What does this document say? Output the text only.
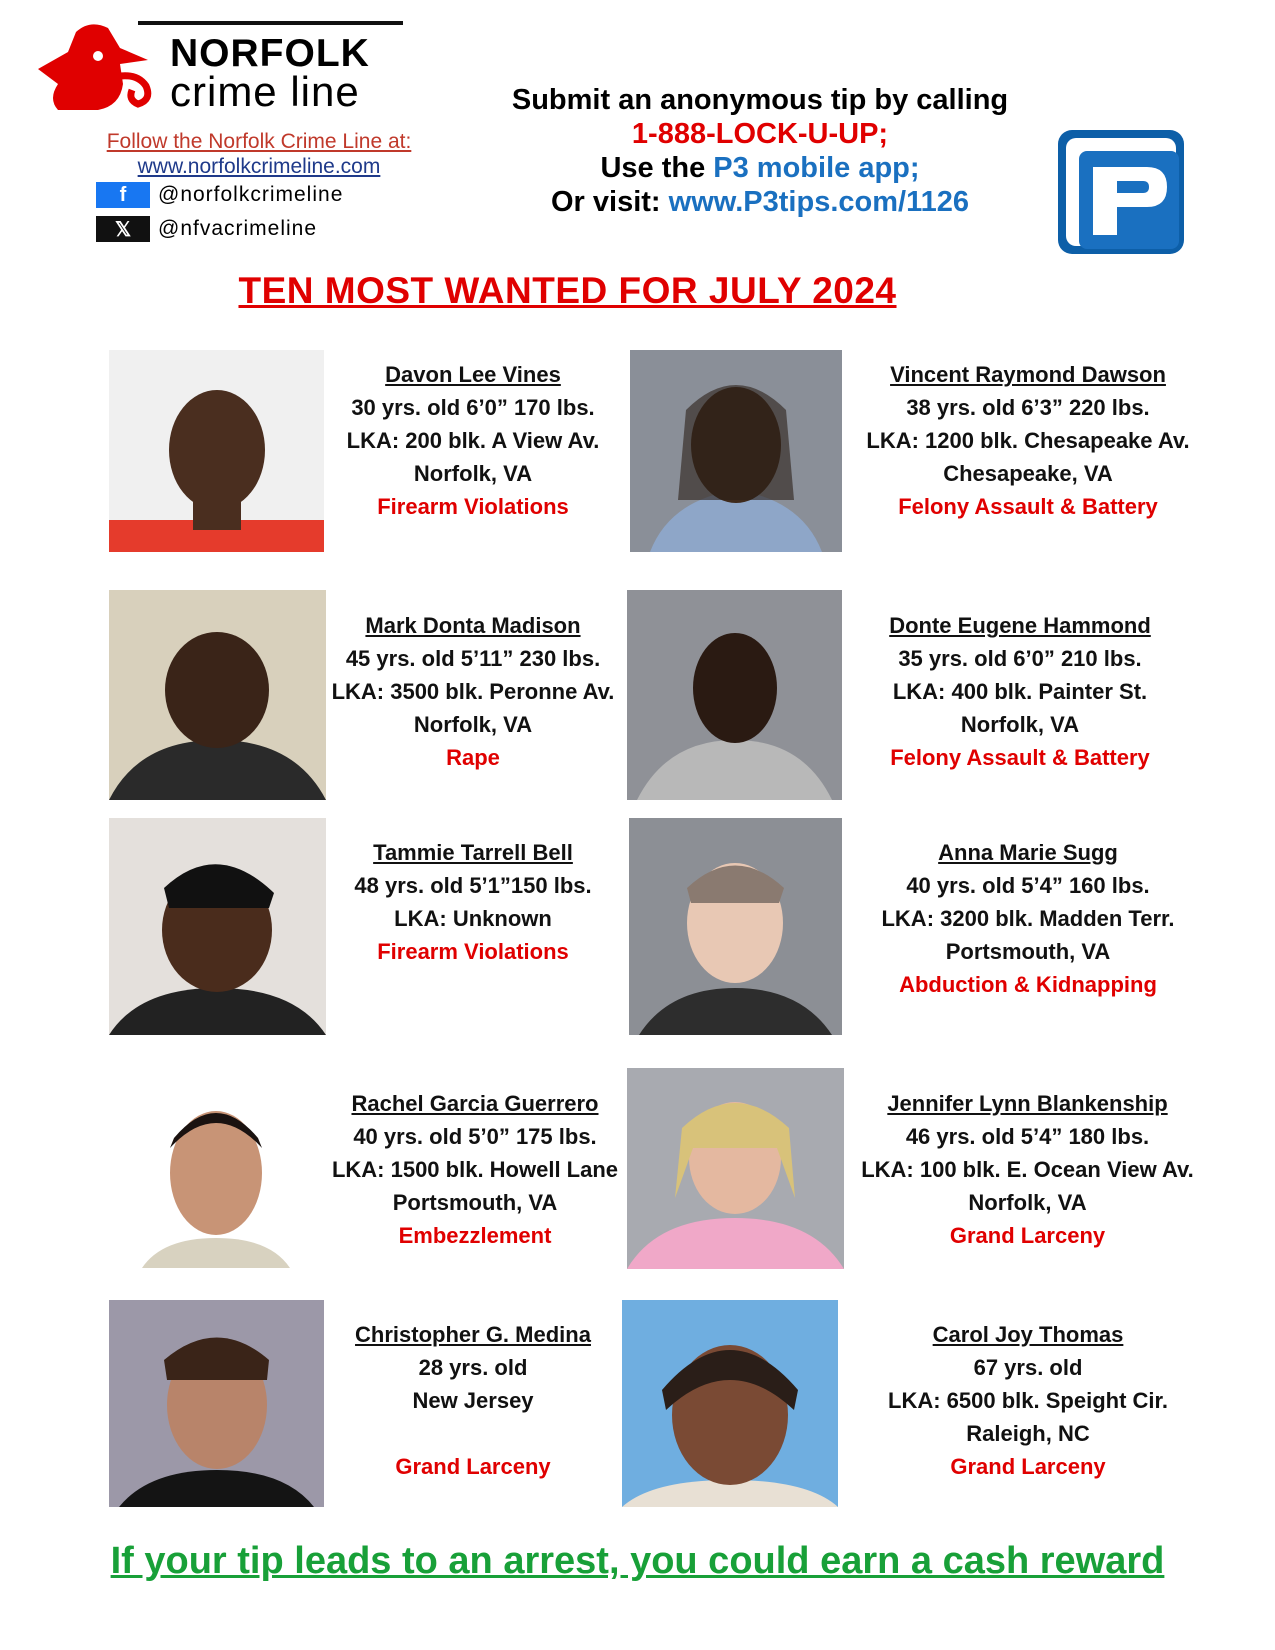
NORFOLK
crime line
Follow the Norfolk Crime Line at:
www.norfolkcrimeline.com
f	@norfolkcrimeline
𝕏	@nfvacrimeline
Submit an anonymous tip by calling
1-888-LOCK-U-UP;
Use the P3 mobile app;
Or visit: www.P3tips.com/1126
TEN MOST WANTED FOR JULY 2024
Davon Lee Vines
30 yrs. old 6’0” 170 lbs.
LKA: 200 blk. A View Av.
Norfolk, VA
Firearm Violations
Vincent Raymond Dawson
38 yrs. old 6’3” 220 lbs.
LKA: 1200 blk. Chesapeake Av.
Chesapeake, VA
Felony Assault & Battery
Mark Donta Madison
45 yrs. old 5’11” 230 lbs.
LKA: 3500 blk. Peronne Av.
Norfolk, VA
Rape
Donte Eugene Hammond
35 yrs. old 6’0” 210 lbs.
LKA: 400 blk. Painter St.
Norfolk, VA
Felony Assault & Battery
Tammie Tarrell Bell
48 yrs. old 5’1”150 lbs.
LKA: Unknown
Firearm Violations
Anna Marie Sugg
40 yrs. old 5’4” 160 lbs.
LKA: 3200 blk. Madden Terr.
Portsmouth, VA
Abduction & Kidnapping
Rachel Garcia Guerrero
40 yrs. old 5’0” 175 lbs.
LKA: 1500 blk. Howell Lane
Portsmouth, VA
Embezzlement
Jennifer Lynn Blankenship
46 yrs. old 5’4” 180 lbs.
LKA: 100 blk. E. Ocean View Av.
Norfolk, VA
Grand Larceny
Christopher G. Medina
28 yrs. old
New Jersey
Grand Larceny
Carol Joy Thomas
67 yrs. old
LKA: 6500 blk. Speight Cir.
Raleigh, NC
Grand Larceny
If your tip leads to an arrest, you could earn a cash reward
